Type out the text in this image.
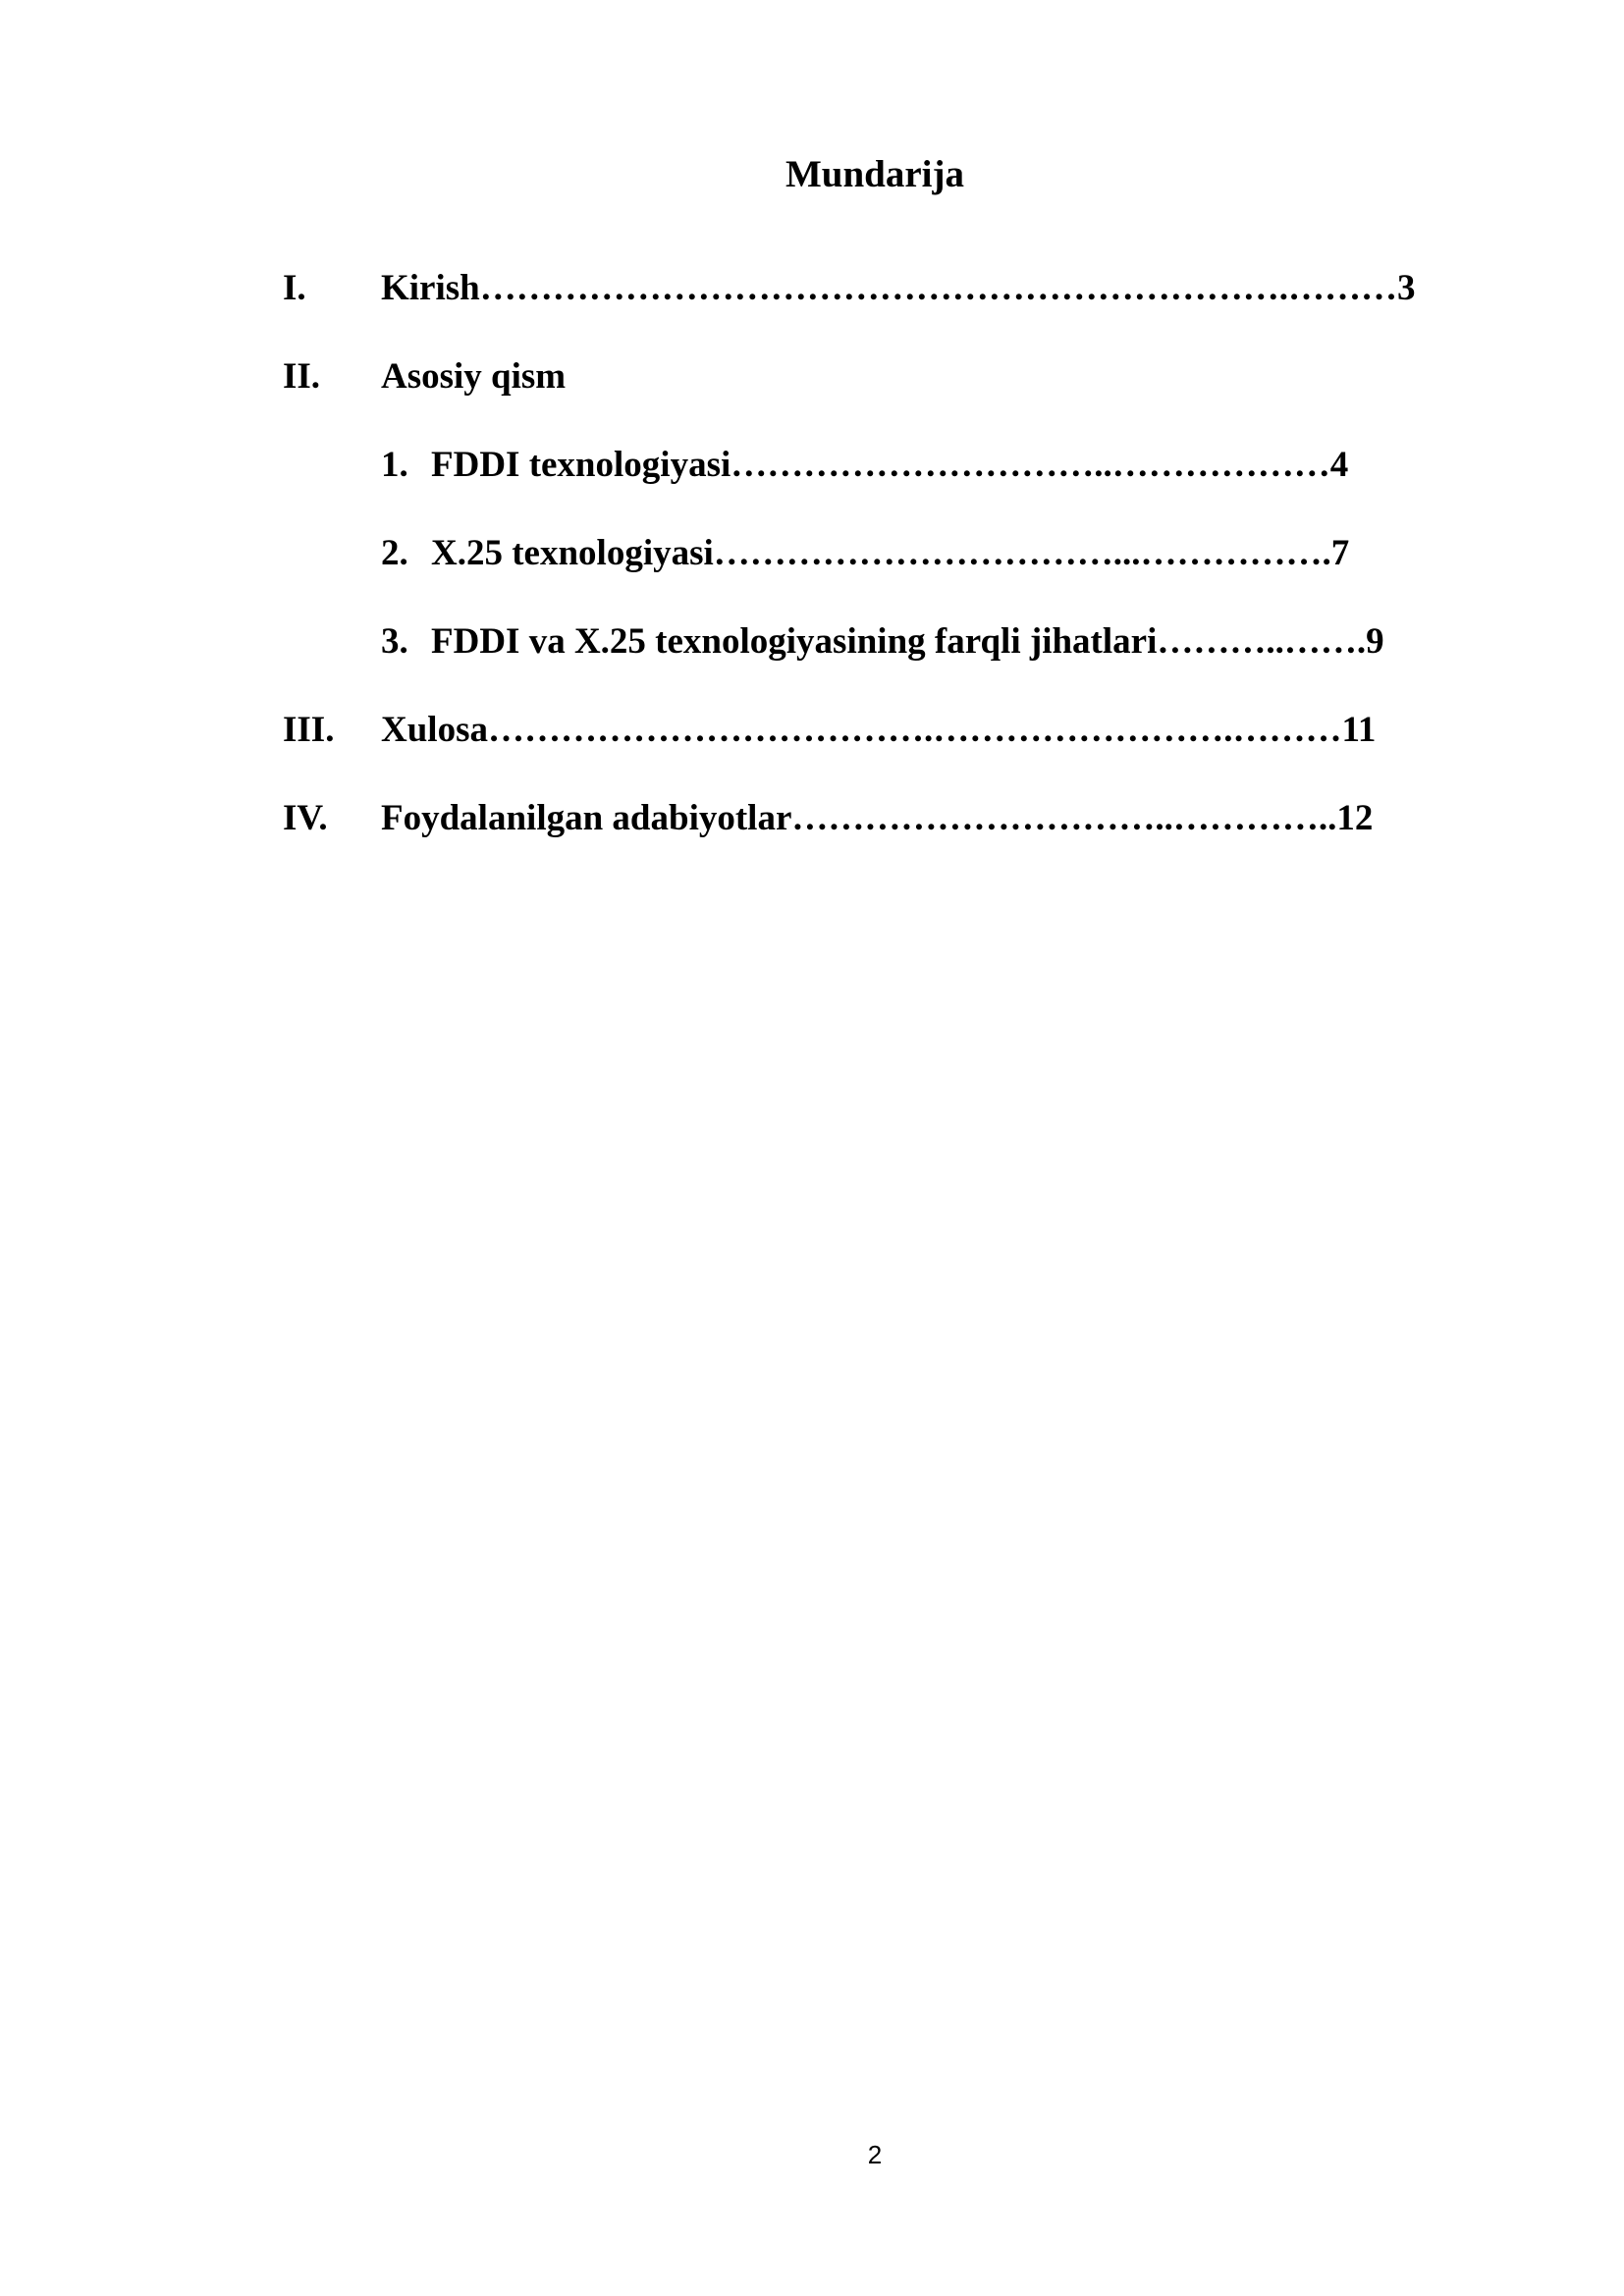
Mundarija
I. Kirish………………………………………………………….………3
II. Asosiy qism
1. FDDI texnologiyasi…………………………..………………4
2. X.25 texnologiyasi……………………………...…………….7
3. FDDI va X.25 texnologiyasining farqli jihatlari………..…….9
III. Xulosa……………………………….…………………….………11
IV. Foydalanilgan adabiyotlar…………………………..…………..12
2
